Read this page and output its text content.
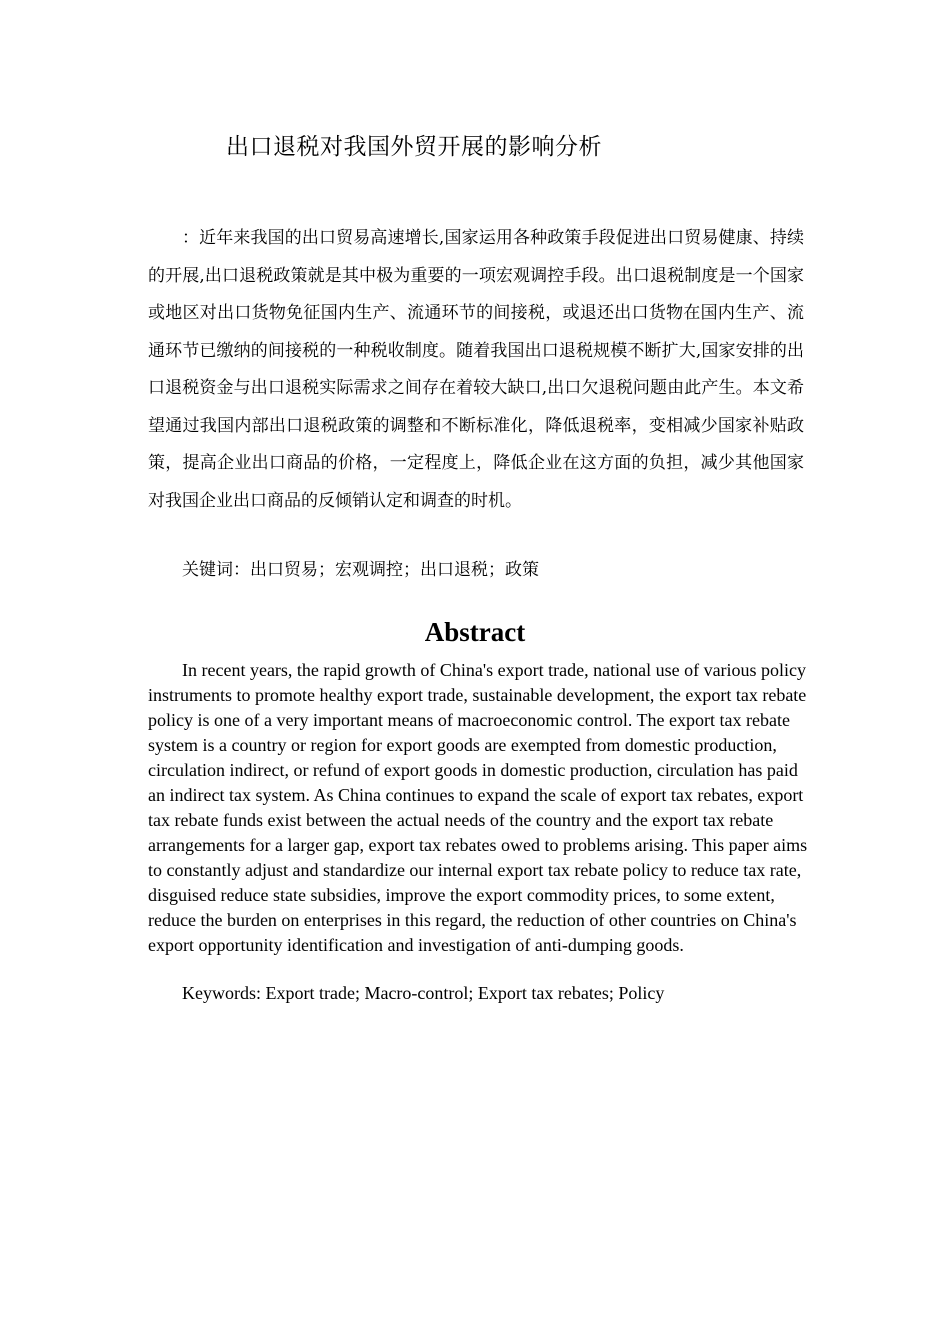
出口退税对我国外贸开展的影响分析

：近年来我国的出口贸易高速增长,国家运用各种政策手段促进出口贸易健康、持续的开展,出口退税政策就是其中极为重要的一项宏观调控手段。出口退税制度是一个国家或地区对出口货物免征国内生产、流通环节的间接税，或退还出口货物在国内生产、流通环节已缴纳的间接税的一种税收制度。随着我国出口退税规模不断扩大,国家安排的出口退税资金与出口退税实际需求之间存在着较大缺口,出口欠退税问题由此产生。本文希望通过我国内部出口退税政策的调整和不断标准化，降低退税率，变相减少国家补贴政策，提高企业出口商品的价格，一定程度上，降低企业在这方面的负担，减少其他国家对我国企业出口商品的反倾销认定和调查的时机。

关键词：出口贸易；宏观调控；出口退税；政策

Abstract

In recent years, the rapid growth of China's export trade, national use of various policy instruments to promote healthy export trade, sustainable development, the export tax rebate policy is one of a very important means of macroeconomic control. The export tax rebate system is a country or region for export goods are exempted from domestic production, circulation indirect, or refund of export goods in domestic production, circulation has paid an indirect tax system. As China continues to expand the scale of export tax rebates, export tax rebate funds exist between the actual needs of the country and the export tax rebate arrangements for a larger gap, export tax rebates owed to problems arising. This paper aims to constantly adjust and standardize our internal export tax rebate policy to reduce tax rate, disguised reduce state subsidies, improve the export commodity prices, to some extent, reduce the burden on enterprises in this regard, the reduction of other countries on China's export opportunity identification and investigation of anti-dumping goods.

Keywords: Export trade; Macro-control; Export tax rebates; Policy
